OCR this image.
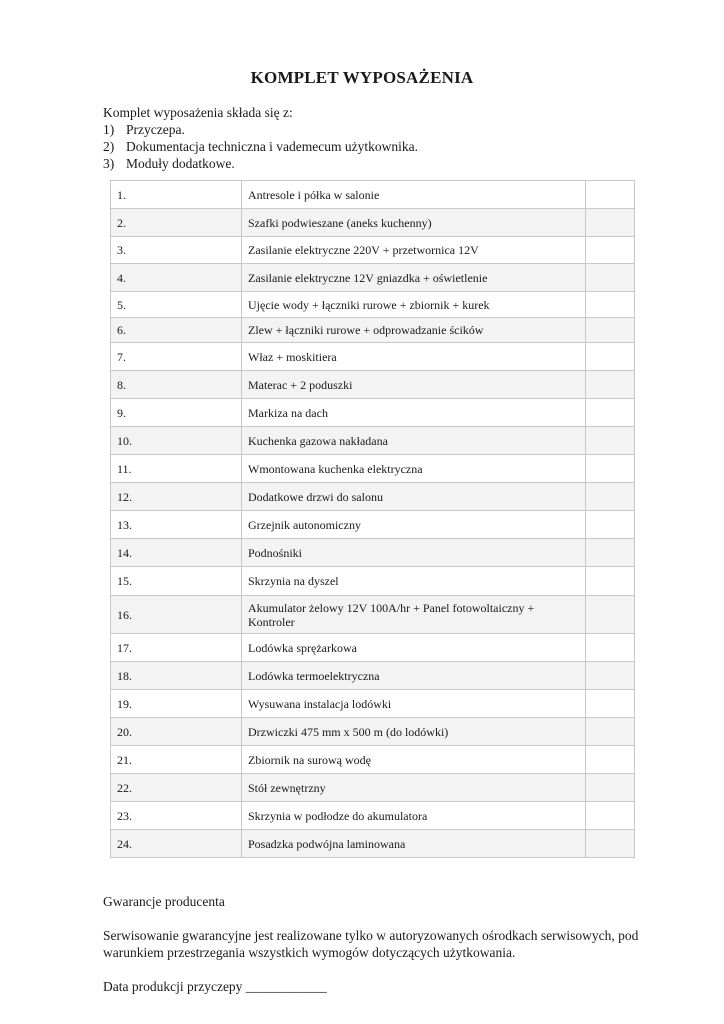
KOMPLET WYPOSAŻENIA
Komplet wyposażenia składa się z:
1) Przyczepa.
2) Dokumentacja techniczna i vademecum użytkownika.
3) Moduły dodatkowe.
1.	Antresole i półka w salonie	
2.	Szafki podwieszane (aneks kuchenny)	
3.	Zasilanie elektryczne 220V + przetwornica 12V	
4.	Zasilanie elektryczne 12V gniazdka + oświetlenie	
5.	Ujęcie wody + łączniki rurowe + zbiornik + kurek	
6.	Zlew + łączniki rurowe + odprowadzanie ścików	
7.	Właz + moskitiera	
8.	Materac + 2 poduszki	
9.	Markiza na dach	
10.	Kuchenka gazowa nakładana	
11.	Wmontowana kuchenka elektryczna	
12.	Dodatkowe drzwi do salonu	
13.	Grzejnik autonomiczny	
14.	Podnośniki	
15.	Skrzynia na dyszel	
16.	Akumulator żelowy 12V 100A/hr + Panel fotowoltaiczny + Kontroler	
17.	Lodówka sprężarkowa	
18.	Lodówka termoelektryczna	
19.	Wysuwana instalacja lodówki	
20.	Drzwiczki 475 mm x 500 m (do lodówki)	
21.	Zbiornik na surową wodę	
22.	Stół zewnętrzny	
23.	Skrzynia w podłodze do akumulatora	
24.	Posadzka podwójna laminowana	

Gwarancje producenta

Serwisowanie gwarancyjne jest realizowane tylko w autoryzowanych ośrodkach serwisowych, pod warunkiem przestrzegania wszystkich wymogów dotyczących użytkowania.

Data produkcji przyczepy ____________
